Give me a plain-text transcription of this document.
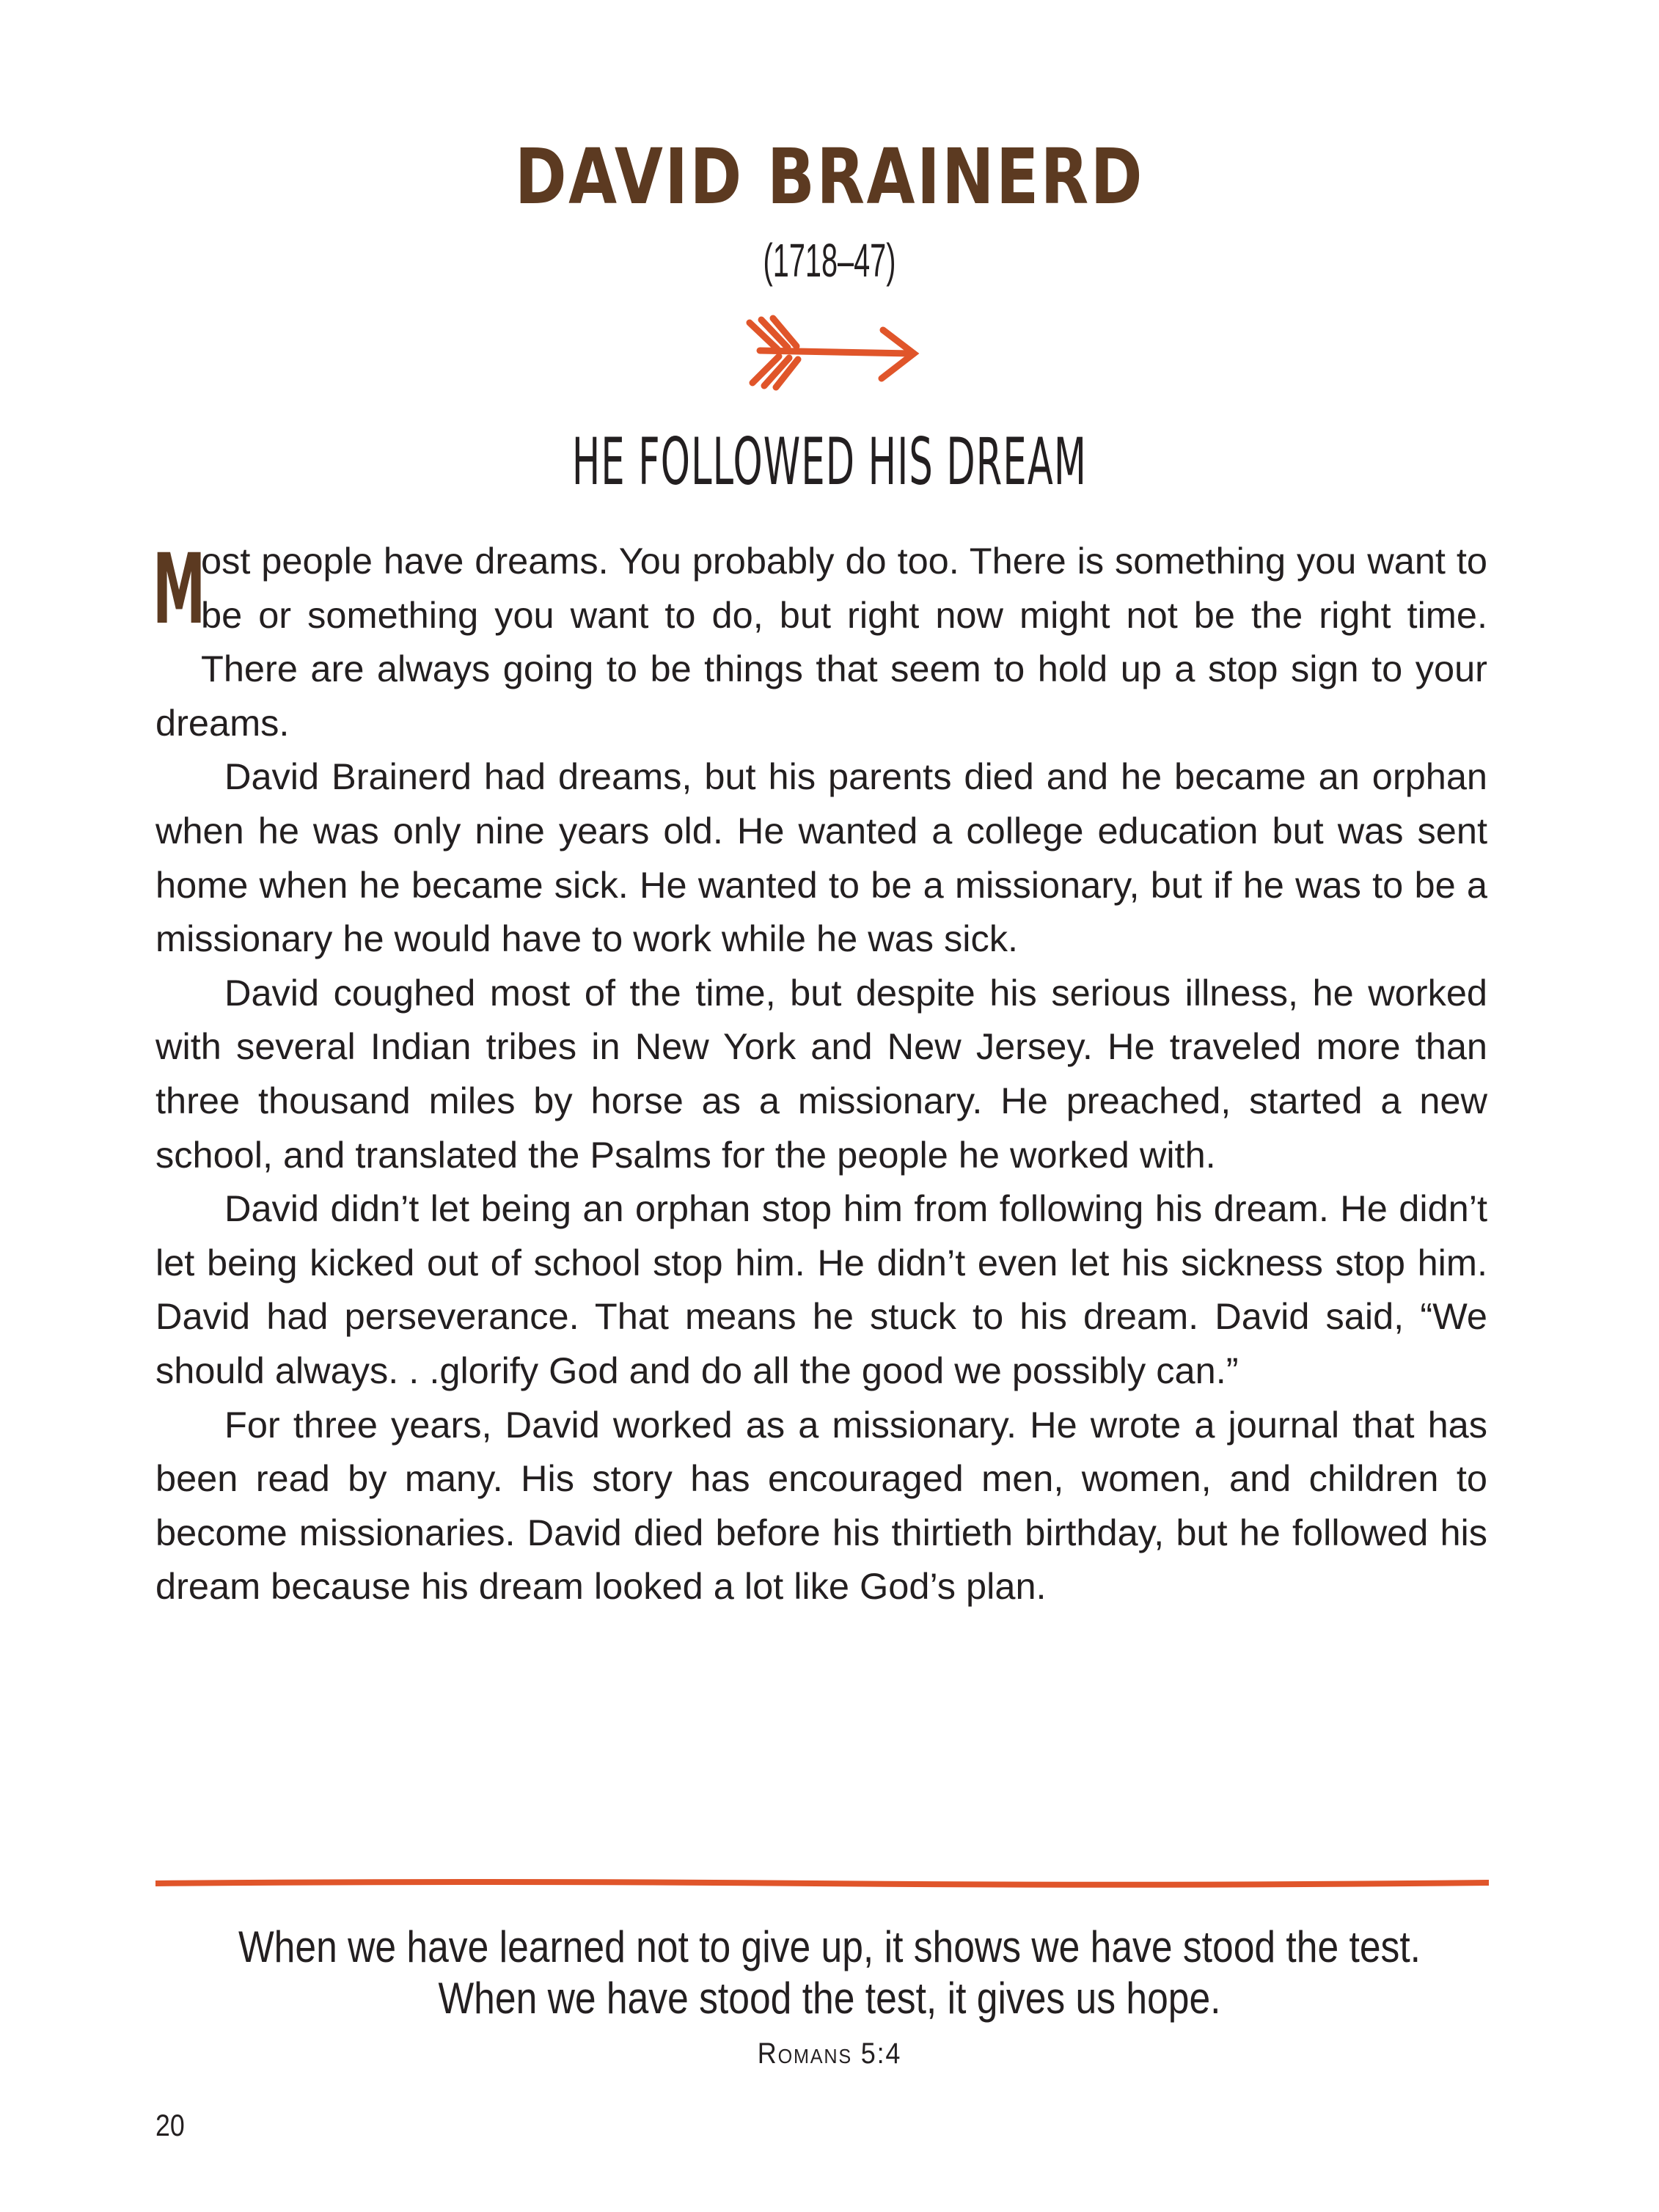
DAVID BRAINERD
(1718–47)
HE FOLLOWED HIS DREAM

M
ost people have dreams. You probably do too. There is something you want to be or something you want to do, but right now might not be the right time. There are always going to be things that seem to hold up a stop sign to your dreams.

David Brainerd had dreams, but his parents died and he became an orphan when he was only nine years old. He wanted a college education but was sent home when he became sick. He wanted to be a missionary, but if he was to be a missionary he would have to work while he was sick.

David coughed most of the time, but despite his serious illness, he worked with several Indian tribes in New York and New Jersey. He traveled more than three thousand miles by horse as a missionary. He preached, started a new school, and translated the Psalms for the people he worked with.

David didn’t let being an orphan stop him from following his dream. He didn’t let being kicked out of school stop him. He didn’t even let his sickness stop him. David had perseverance. That means he stuck to his dream. David said, “We should always. . .glorify God and do all the good we possibly can.”

For three years, David worked as a missionary. He wrote a journal that has been read by many. His story has encouraged men, women, and children to become missionaries. David died before his thirtieth birthday, but he followed his dream because his dream looked a lot like God’s plan.

When we have learned not to give up, it shows we have stood the test.
When we have stood the test, it gives us hope.
Romans 5:4
20
